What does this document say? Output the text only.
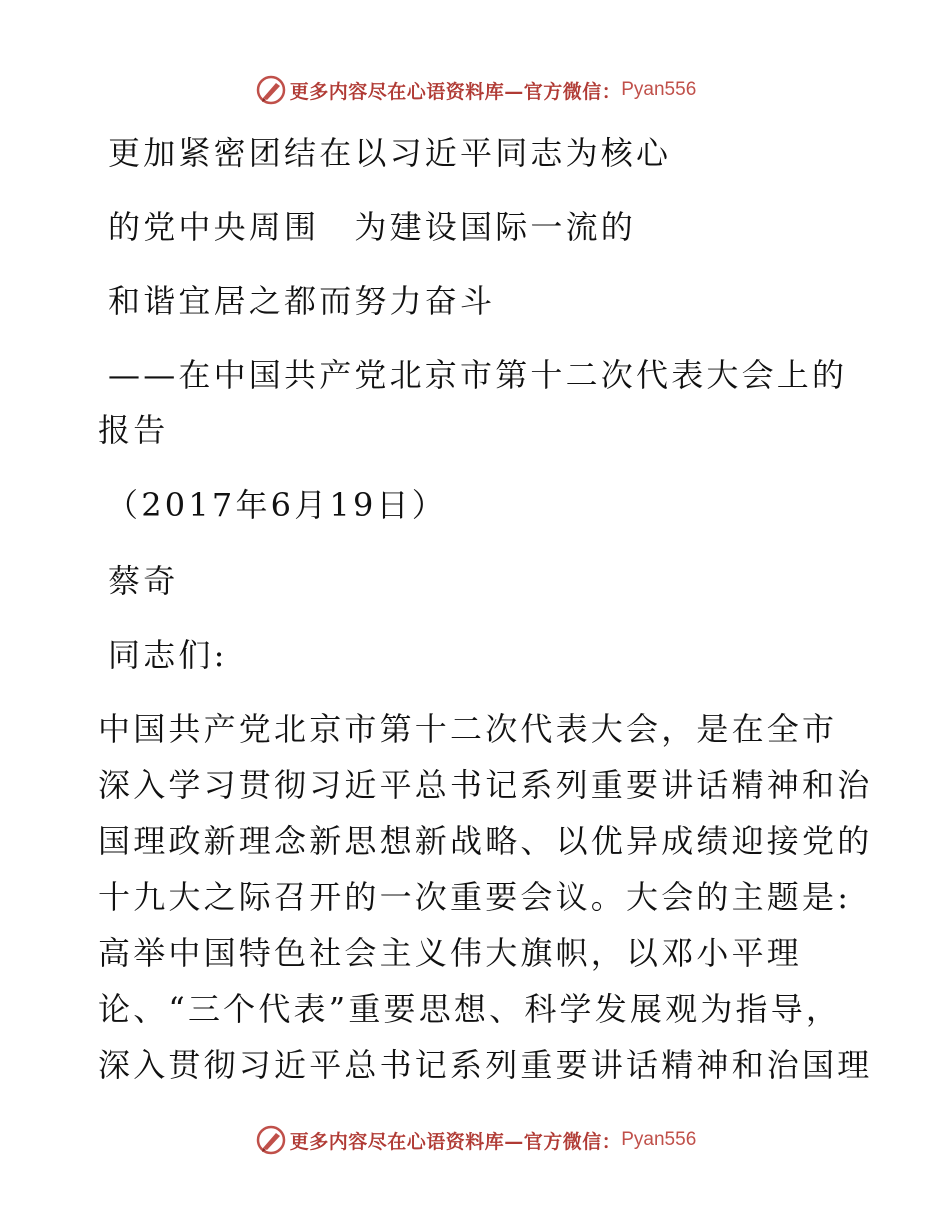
更多内容尽在心语资料库—官方微信： Pyan556
更加紧密团结在以习近平同志为核心
的党中央周围　为建设国际一流的
和谐宜居之都而努力奋斗
——在中国共产党北京市第十二次代表大会上的
报告
（2017年6月19日）
蔡奇
同志们:
中国共产党北京市第十二次代表大会，是在全市
深入学习贯彻习近平总书记系列重要讲话精神和治
国理政新理念新思想新战略、以优异成绩迎接党的
十九大之际召开的一次重要会议。大会的主题是:
高举中国特色社会主义伟大旗帜，以邓小平理
论、“三个代表”重要思想、科学发展观为指导，
深入贯彻习近平总书记系列重要讲话精神和治国理
更多内容尽在心语资料库—官方微信： Pyan556
